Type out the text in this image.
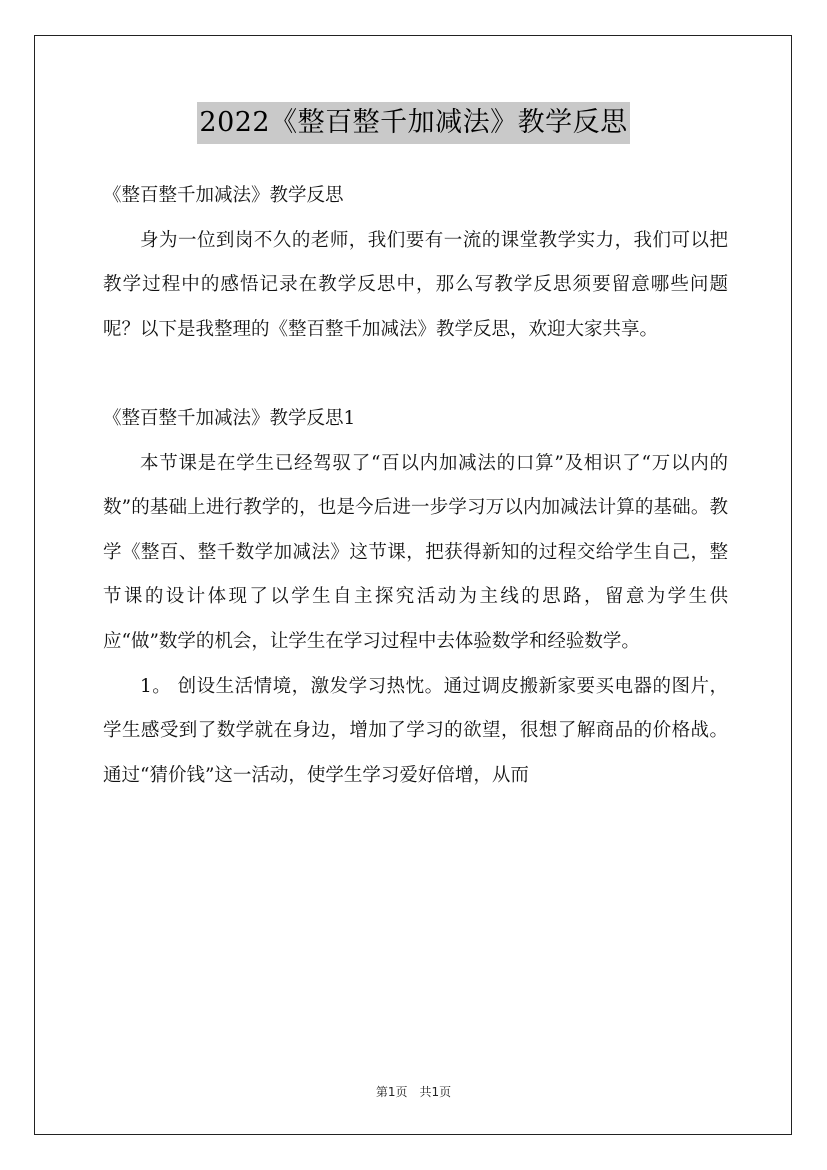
2022《整百整千加减法》教学反思

《整百整千加减法》教学反思

身为一位到岗不久的老师，我们要有一流的课堂教学实力，我们可以把教学过程中的感悟记录在教学反思中，那么写教学反思须要留意哪些问题呢？以下是我整理的《整百整千加减法》教学反思，欢迎大家共享。

《整百整千加减法》教学反思1

本节课是在学生已经驾驭了“百以内加减法的口算”及相识了“万以内的数”的基础上进行教学的，也是今后进一步学习万以内加减法计算的基础。教学《整百、整千数学加减法》这节课，把获得新知的过程交给学生自己，整节课的设计体现了以学生自主探究活动为主线的思路，留意为学生供应“做”数学的机会，让学生在学习过程中去体验数学和经验数学。

1。 创设生活情境，激发学习热忱。通过调皮搬新家要买电器的图片，学生感受到了数学就在身边，增加了学习的欲望，很想了解商品的价格战。通过“猜价钱”这一活动，使学生学习爱好倍增，从而

第1页　共1页
